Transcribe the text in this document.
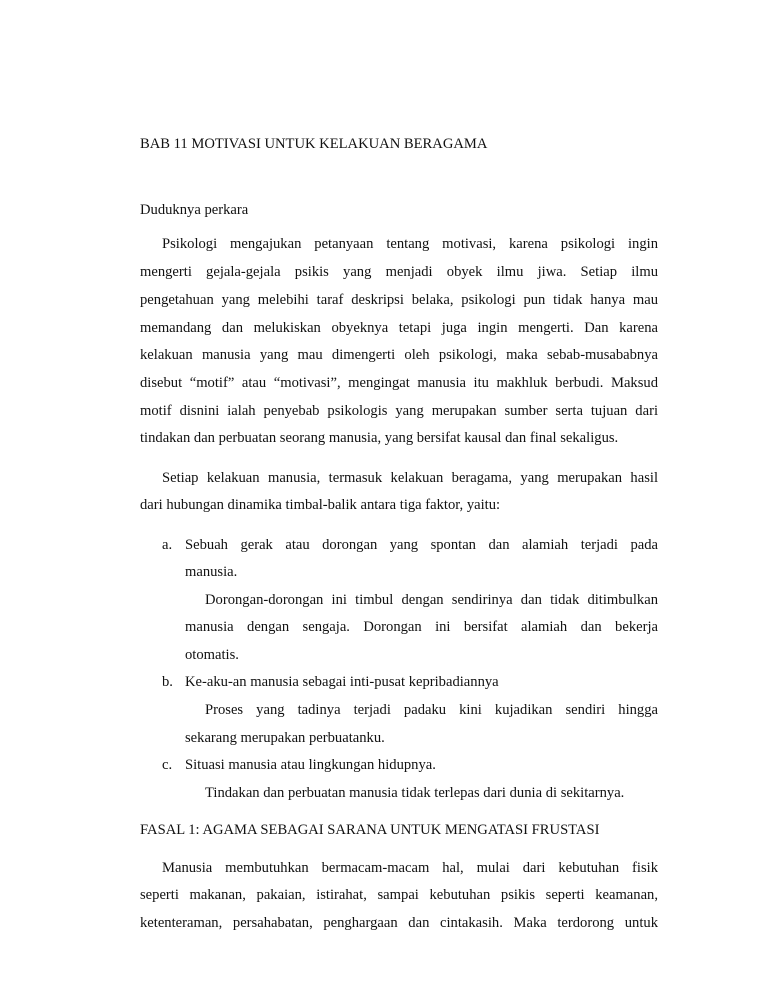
BAB 11 MOTIVASI UNTUK KELAKUAN BERAGAMA
Duduknya perkara
Psikologi mengajukan petanyaan tentang motivasi, karena psikologi ingin
mengerti gejala-gejala psikis yang menjadi obyek ilmu jiwa. Setiap ilmu
pengetahuan yang melebihi taraf deskripsi belaka, psikologi pun tidak hanya mau
memandang dan melukiskan obyeknya tetapi juga ingin mengerti. Dan karena
kelakuan manusia yang mau dimengerti oleh psikologi, maka sebab-musababnya
disebut “motif” atau “motivasi”, mengingat manusia itu makhluk berbudi. Maksud
motif disnini ialah penyebab psikologis yang merupakan sumber serta tujuan dari
tindakan dan perbuatan seorang manusia, yang bersifat kausal dan final sekaligus.
Setiap kelakuan manusia, termasuk kelakuan beragama, yang merupakan hasil
dari hubungan dinamika timbal-balik antara tiga faktor, yaitu:
a. Sebuah gerak atau dorongan yang spontan dan alamiah terjadi pada
manusia.
Dorongan-dorongan ini timbul dengan sendirinya dan tidak ditimbulkan
manusia dengan sengaja. Dorongan ini bersifat alamiah dan bekerja
otomatis.
b. Ke-aku-an manusia sebagai inti-pusat kepribadiannya
Proses yang tadinya terjadi padaku kini kujadikan sendiri hingga
sekarang merupakan perbuatanku.
c. Situasi manusia atau lingkungan hidupnya.
Tindakan dan perbuatan manusia tidak terlepas dari dunia di sekitarnya.
FASAL 1: AGAMA SEBAGAI SARANA UNTUK MENGATASI FRUSTASI
Manusia membutuhkan bermacam-macam hal, mulai dari kebutuhan fisik
seperti makanan, pakaian, istirahat, sampai kebutuhan psikis seperti keamanan,
ketenteraman, persahabatan, penghargaan dan cintakasih. Maka terdorong untuk
